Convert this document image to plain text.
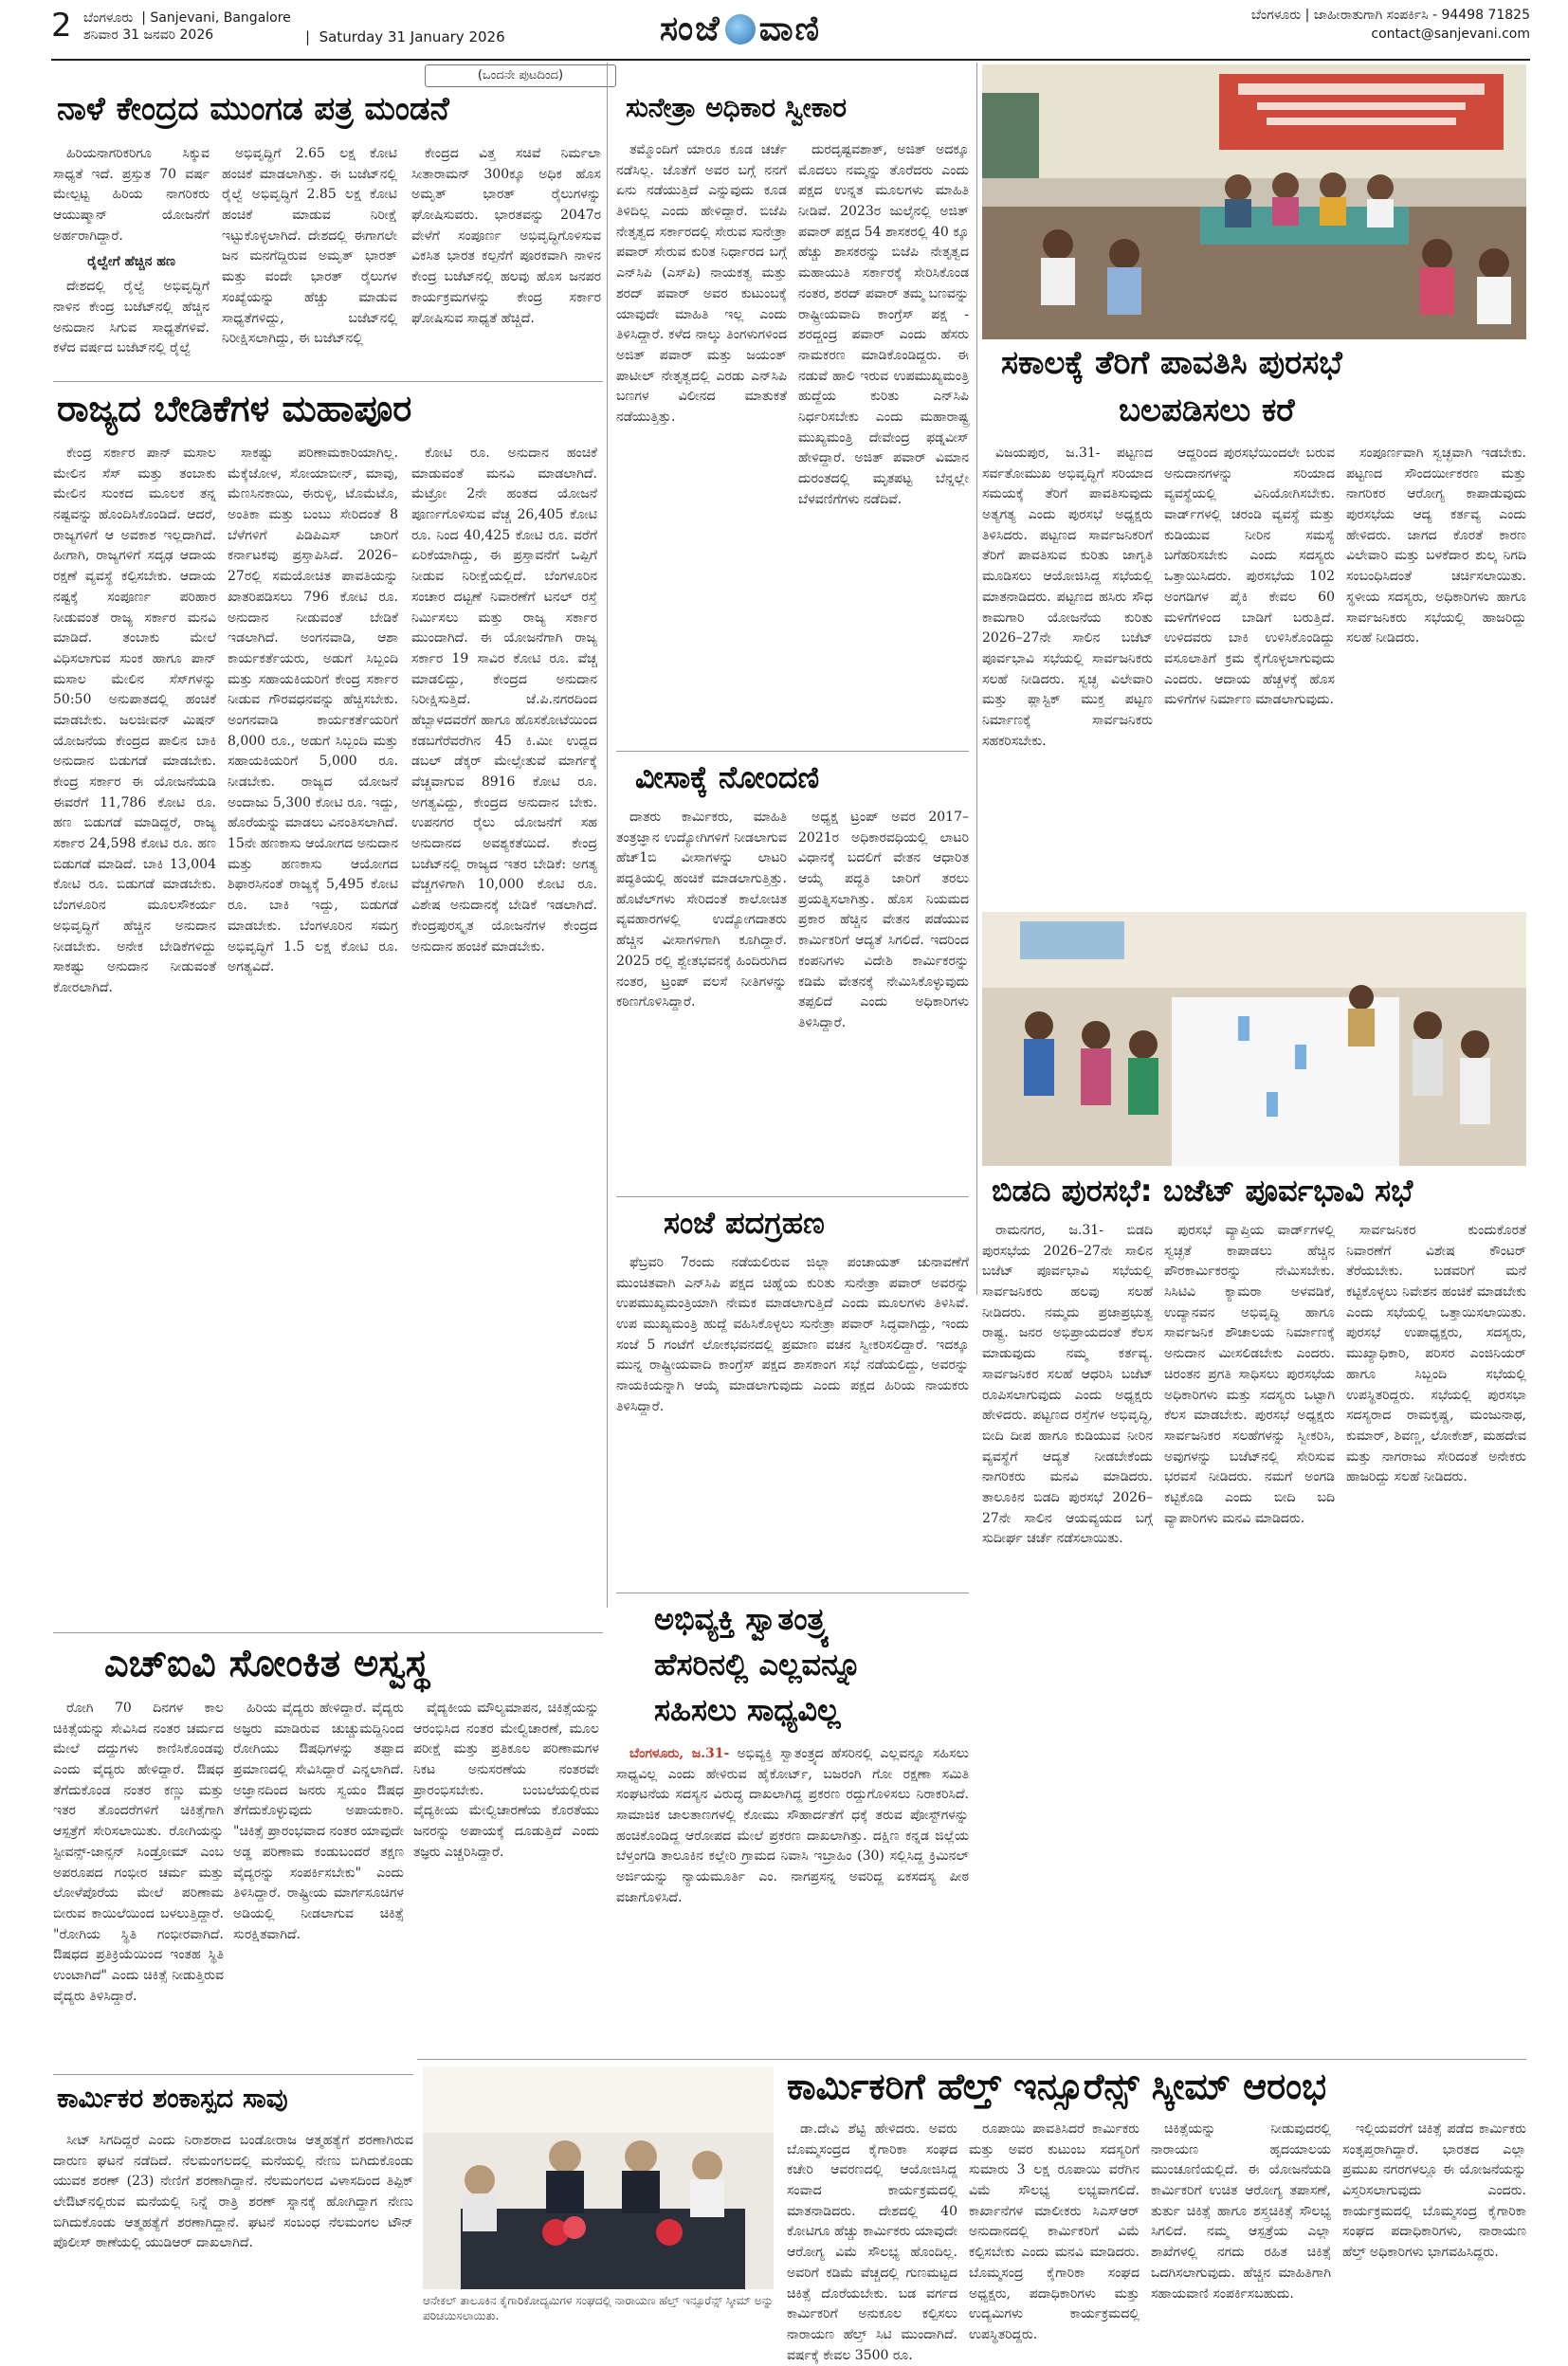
2 ಬೆಂಗಳೂರು  | Sanjevani, Bangalore
ಶನಿವಾರ 31 ಜನವರಿ 2026	|  Saturday 31 January 2026	ಸಂಜೆ ವಾಣಿ	ಬೆಂಗಳೂರು | ಜಾಹೀರಾತುಗಾಗಿ ಸಂಪರ್ಕಿಸಿ - 94498 71825
contact@sanjevani.com
(ಒಂದನೇ ಪುಟದಿಂದ)
ನಾಳೆ ಕೇಂದ್ರದ ಮುಂಗಡ ಪತ್ರ ಮಂಡನೆ

ಹಿರಿಯನಾಗರಿಕರಿಗೂ ಸಿಕ್ಕುವ ಸಾಧ್ಯತೆ ಇದೆ. ಪ್ರಸ್ತುತ 70 ವರ್ಷ ಮೇಲ್ಪಟ್ಟ ಹಿರಿಯ ನಾಗರಿಕರು ಆಯುಷ್ಮಾನ್ ಯೋಜನೆಗೆ ಅರ್ಹರಾಗಿದ್ದಾರೆ.

ರೈಲ್ವೇಗೆ ಹೆಚ್ಚಿನ ಹಣ

ದೇಶದಲ್ಲಿ ರೈಲ್ವೆ ಅಭಿವೃದ್ಧಿಗೆ ನಾಳಿನ ಕೇಂದ್ರ ಬಜೆಟ್‌ನಲ್ಲಿ ಹೆಚ್ಚಿನ ಅನುದಾನ ಸಿಗುವ ಸಾಧ್ಯತೆಗಳಿವೆ. ಕಳೆದ ವರ್ಷದ ಬಜೆಟ್‌ನಲ್ಲಿ ರೈಲ್ವೆ

ಅಭಿವೃದ್ಧಿಗೆ 2.65 ಲಕ್ಷ ಕೋಟಿ ಹಂಚಿಕೆ ಮಾಡಲಾಗಿತ್ತು. ಈ ಬಜೆಟ್‌ನಲ್ಲಿ ರೈಲ್ವೆ ಅಭಿವೃದ್ಧಿಗೆ 2.85 ಲಕ್ಷ ಕೋಟಿ ಹಂಚಿಕೆ ಮಾಡುವ ನಿರೀಕ್ಷೆ ಇಟ್ಟುಕೊಳ್ಳಲಾಗಿದೆ. ದೇಶದಲ್ಲಿ ಈಗಾಗಲೇ ಜನ ಮನಗೆದ್ದಿರುವ ಅಮೃತ್ ಭಾರತ್ ಮತ್ತು ವಂದೇ ಭಾರತ್ ರೈಲುಗಳ ಸಂಖ್ಯೆಯನ್ನು ಹೆಚ್ಚು ಮಾಡುವ ಸಾಧ್ಯತೆಗಳಿದ್ದು, ಬಜೆಟ್‌ನಲ್ಲಿ ನಿರೀಕ್ಷಿಸಲಾಗಿದ್ದು, ಈ ಬಜೆಟ್‌ನಲ್ಲಿ

ಕೇಂದ್ರದ ವಿತ್ತ ಸಚಿವೆ ನಿರ್ಮಲಾ ಸೀತಾರಾಮನ್ 300ಕ್ಕೂ ಅಧಿಕ ಹೊಸ ಅಮೃತ್ ಭಾರತ್ ರೈಲುಗಳನ್ನು ಘೋಷಿಸುವರು. ಭಾರತವನ್ನು 2047ರ ವೇಳೆಗೆ ಸಂಪೂರ್ಣ ಅಭಿವೃದ್ಧಿಗೊಳಿಸುವ ವಿಕಸಿತ ಭಾರತ ಕಲ್ಪನೆಗೆ ಪೂರಕವಾಗಿ ನಾಳಿನ ಕೇಂದ್ರ ಬಜೆಟ್‌ನಲ್ಲಿ ಹಲವು ಹೊಸ ಜನಪರ ಕಾರ್ಯಕ್ರಮಗಳನ್ನು ಕೇಂದ್ರ ಸರ್ಕಾರ ಘೋಷಿಸುವ ಸಾಧ್ಯತೆ ಹೆಚ್ಚಿದೆ.

ರಾಜ್ಯದ ಬೇಡಿಕೆಗಳ ಮಹಾಪೂರ

ಕೇಂದ್ರ ಸರ್ಕಾರ ಪಾನ್ ಮಸಾಲ ಮೇಲಿನ ಸೆಸ್ ಮತ್ತು ತಂಬಾಕು ಮೇಲಿನ ಸುಂಕದ ಮೂಲಕ ತನ್ನ ನಷ್ಟವನ್ನು ಹೊಂದಿಸಿಕೊಂಡಿದೆ. ಆದರೆ, ರಾಜ್ಯಗಳಿಗೆ ಆ ಅವಕಾಶ ಇಲ್ಲದಾಗಿದೆ. ಹೀಗಾಗಿ, ರಾಜ್ಯಗಳಿಗೆ ಸದೃಢ ಆದಾಯ ರಕ್ಷಣೆ ವ್ಯವಸ್ಥೆ ಕಲ್ಪಿಸಬೇಕು. ಆದಾಯ ನಷ್ಟಕ್ಕೆ ಸಂಪೂರ್ಣ ಪರಿಹಾರ ನೀಡುವಂತೆ ರಾಜ್ಯ ಸರ್ಕಾರ ಮನವಿ ಮಾಡಿದೆ. ತಂಬಾಕು ಮೇಲೆ ವಿಧಿಸಲಾಗುವ ಸುಂಕ ಹಾಗೂ ಪಾನ್ ಮಸಾಲ ಮೇಲಿನ ಸೆಸ್‌ಗಳನ್ನು 50:50 ಅನುಪಾತದಲ್ಲಿ ಹಂಚಿಕೆ ಮಾಡಬೇಕು. ಜಲಜೀವನ್ ಮಿಷನ್ ಯೋಜನೆಯ ಕೇಂದ್ರದ ಪಾಲಿನ ಬಾಕಿ ಅನುದಾನ ಬಿಡುಗಡೆ ಮಾಡಬೇಕು. ಕೇಂದ್ರ ಸರ್ಕಾರ ಈ ಯೋಜನೆಯಡಿ ಈವರೆಗೆ 11,786 ಕೋಟಿ ರೂ. ಹಣ ಬಿಡುಗಡೆ ಮಾಡಿದ್ದರೆ, ರಾಜ್ಯ ಸರ್ಕಾರ 24,598 ಕೋಟಿ ರೂ. ಹಣ ಬಿಡುಗಡೆ ಮಾಡಿದೆ. ಬಾಕಿ 13,004 ಕೋಟಿ ರೂ. ಬಿಡುಗಡೆ ಮಾಡಬೇಕು. ಬೆಂಗಳೂರಿನ ಮೂಲಸೌಕರ್ಯ ಅಭಿವೃದ್ಧಿಗೆ ಹೆಚ್ಚಿನ ಅನುದಾನ ನೀಡಬೇಕು. ಅನೇಕ ಬೇಡಿಕೆಗಳಿದ್ದು ಸಾಕಷ್ಟು ಅನುದಾನ ನೀಡುವಂತೆ ಕೋರಲಾಗಿದೆ.

ಸಾಕಷ್ಟು ಪರಿಣಾಮಕಾರಿಯಾಗಿಲ್ಲ. ಮೆಕ್ಕೆಜೋಳ, ಸೋಯಾಬೀನ್, ಮಾವು, ಮೆಣಸಿನಕಾಯಿ, ಈರುಳ್ಳಿ, ಟೊಮೆಟೊ, ಅಂತಿಕಾ ಮತ್ತು ಬಂಬು ಸೇರಿದಂತೆ 8 ಬೆಳೆಗಳಿಗೆ ಪಿಡಿಪಿಎಸ್ ಜಾರಿಗೆ ಕರ್ನಾಟಕವು ಪ್ರಸ್ತಾಪಿಸಿದೆ. 2026–27ರಲ್ಲಿ ಸಮಯೋಚಿತ ಪಾವತಿಯನ್ನು ಖಾತರಿಪಡಿಸಲು 796 ಕೋಟಿ ರೂ. ಅನುದಾನ ನೀಡುವಂತೆ ಬೇಡಿಕೆ ಇಡಲಾಗಿದೆ. ಅಂಗನವಾಡಿ, ಆಶಾ ಕಾರ್ಯಕರ್ತೆಯರು, ಅಡುಗೆ ಸಿಬ್ಬಂದಿ ಮತ್ತು ಸಹಾಯಕಿಯರಿಗೆ ಕೇಂದ್ರ ಸರ್ಕಾರ ನೀಡುವ ಗೌರವಧನವನ್ನು ಹೆಚ್ಚಿಸಬೇಕು. ಅಂಗನವಾಡಿ ಕಾರ್ಯಕರ್ತೆಯರಿಗೆ 8,000 ರೂ., ಅಡುಗೆ ಸಿಬ್ಬಂದಿ ಮತ್ತು ಸಹಾಯಕಿಯರಿಗೆ 5,000 ರೂ. ನೀಡಬೇಕು. ರಾಜ್ಯದ ಯೋಜನೆ ಅಂದಾಜು 5,300 ಕೋಟಿ ರೂ. ಇದ್ದು, ಹೊರೆಯನ್ನು ಮಾಡಲು ವಿನಂತಿಸಲಾಗಿದೆ. 15ನೇ ಹಣಕಾಸು ಆಯೋಗದ ಅನುದಾನ ಮತ್ತು ಹಣಕಾಸು ಆಯೋಗದ ಶಿಫಾರಸಿನಂತೆ ರಾಜ್ಯಕ್ಕೆ 5,495 ಕೋಟಿ ರೂ. ಬಾಕಿ ಇದ್ದು, ಬಿಡುಗಡೆ ಮಾಡಬೇಕು. ಬೆಂಗಳೂರಿನ ಸಮಗ್ರ ಅಭಿವೃದ್ಧಿಗೆ 1.5 ಲಕ್ಷ ಕೋಟಿ ರೂ. ಅಗತ್ಯವಿದೆ.

ಕೋಟಿ ರೂ. ಅನುದಾನ ಹಂಚಿಕೆ ಮಾಡುವಂತೆ ಮನವಿ ಮಾಡಲಾಗಿದೆ. ಮೆಟ್ರೋ 2ನೇ ಹಂತದ ಯೋಜನೆ ಪೂರ್ಣಗೊಳಿಸುವ ವೆಚ್ಚ 26,405 ಕೋಟಿ ರೂ. ನಿಂದ 40,425 ಕೋಟಿ ರೂ. ವರೆಗೆ ಏರಿಕೆಯಾಗಿದ್ದು, ಈ ಪ್ರಸ್ತಾವನೆಗೆ ಒಪ್ಪಿಗೆ ನೀಡುವ ನಿರೀಕ್ಷೆಯಲ್ಲಿದೆ. ಬೆಂಗಳೂರಿನ ಸಂಚಾರ ದಟ್ಟಣೆ ನಿವಾರಣೆಗೆ ಟನಲ್ ರಸ್ತೆ ನಿರ್ಮಿಸಲು ಮತ್ತು ರಾಜ್ಯ ಸರ್ಕಾರ ಮುಂದಾಗಿದೆ. ಈ ಯೋಜನೆಗಾಗಿ ರಾಜ್ಯ ಸರ್ಕಾರ 19 ಸಾವಿರ ಕೋಟಿ ರೂ. ವೆಚ್ಚ ಮಾಡಲಿದ್ದು, ಕೇಂದ್ರದ ಅನುದಾನ ನಿರೀಕ್ಷಿಸುತ್ತಿದೆ. ಜೆ.ಪಿ.ನಗರದಿಂದ ಹೆಬ್ಬಾಳದವರೆಗೆ ಹಾಗೂ ಹೊಸಕೋಟೆಯಿಂದ ಕಡಬಗೆರೆವರೆಗಿನ 45 ಕಿ.ಮೀ ಉದ್ದದ ಡಬಲ್ ಡೆಕ್ಕರ್ ಮೇಲ್ಸೇತುವೆ ಮಾರ್ಗಕ್ಕೆ ವೆಚ್ಚವಾಗುವ 8916 ಕೋಟಿ ರೂ. ಅಗತ್ಯವಿದ್ದು, ಕೇಂದ್ರದ ಅನುದಾನ ಬೇಕು. ಉಪನಗರ ರೈಲು ಯೋಜನೆಗೆ ಸಹ ಅನುದಾನದ ಅವಶ್ಯಕತೆಯಿದೆ. ಕೇಂದ್ರ ಬಜೆಟ್‌ನಲ್ಲಿ ರಾಜ್ಯದ ಇತರ ಬೇಡಿಕೆ: ಅಗತ್ಯ ವೆಚ್ಚಗಳಿಗಾಗಿ 10,000 ಕೋಟಿ ರೂ. ವಿಶೇಷ ಅನುದಾನಕ್ಕೆ ಬೇಡಿಕೆ ಇಡಲಾಗಿದೆ. ಕೇಂದ್ರಪುರಸ್ಕೃತ ಯೋಜನೆಗಳ ಕೇಂದ್ರದ ಅನುದಾನ ಹಂಚಿಕೆ ಮಾಡಬೇಕು.

ಸುನೇತ್ರಾ ಅಧಿಕಾರ ಸ್ವೀಕಾರ

ತಮ್ಮೊಂದಿಗೆ ಯಾರೂ ಕೂಡ ಚರ್ಚೆ ನಡೆಸಿಲ್ಲ. ಜೊತೆಗೆ ಅವರ ಬಗ್ಗೆ ನನಗೆ ಏನು ನಡೆಯುತ್ತಿದೆ ಎನ್ನುವುದು ಕೂಡ ತಿಳಿದಿಲ್ಲ ಎಂದು ಹೇಳಿದ್ದಾರೆ. ಬಿಜೆಪಿ ನೇತೃತ್ವದ ಸರ್ಕಾರದಲ್ಲಿ ಸೇರುವ ಸುನೇತ್ರಾ ಪವಾರ್ ಸೇರುವ ಕುರಿತ ನಿರ್ಧಾರದ ಬಗ್ಗೆ ಎನ್‌ಸಿಪಿ (ಎಸ್‌ಪಿ) ನಾಯಕತ್ವ ಮತ್ತು ಶರದ್ ಪವಾರ್ ಅವರ ಕುಟುಂಬಕ್ಕೆ ಯಾವುದೇ ಮಾಹಿತಿ ಇಲ್ಲ ಎಂದು ತಿಳಿಸಿದ್ದಾರೆ. ಕಳೆದ ನಾಲ್ಕು ತಿಂಗಳುಗಳಿಂದ ಅಜಿತ್ ಪವಾರ್ ಮತ್ತು ಜಯಂತ್ ಪಾಟೀಲ್ ನೇತೃತ್ವದಲ್ಲಿ ಎರಡು ಎನ್‌ಸಿಪಿ ಬಣಗಳ ವಿಲೀನದ ಮಾತುಕತೆ ನಡೆಯುತ್ತಿತ್ತು.

ದುರದೃಷ್ಟವಶಾತ್, ಅಜಿತ್ ಅದಕ್ಕೂ ಮೊದಲು ನಮ್ಮನ್ನು ತೊರೆದರು ಎಂದು ಪಕ್ಷದ ಉನ್ನತ ಮೂಲಗಳು ಮಾಹಿತಿ ನೀಡಿವೆ. 2023ರ ಜುಲೈನಲ್ಲಿ ಅಜಿತ್ ಪವಾರ್ ಪಕ್ಷದ 54 ಶಾಸಕರಲ್ಲಿ 40 ಕ್ಕೂ ಹೆಚ್ಚು ಶಾಸಕರನ್ನು ಬಿಜೆಪಿ ನೇತೃತ್ವದ ಮಹಾಯುತಿ ಸರ್ಕಾರಕ್ಕೆ ಸೇರಿಸಿಕೊಂಡ ನಂತರ, ಶರದ್ ಪವಾರ್ ತಮ್ಮ ಬಣವನ್ನು ರಾಷ್ಟ್ರೀಯವಾದಿ ಕಾಂಗ್ರೆಸ್ ಪಕ್ಷ - ಶರದ್ಚಂದ್ರ ಪವಾರ್ ಎಂದು ಹೆಸರು ನಾಮಕರಣ ಮಾಡಿಕೊಂಡಿದ್ದರು. ಈ ನಡುವೆ ಹಾಲಿ ಇರುವ ಉಪಮುಖ್ಯಮಂತ್ರಿ ಹುದ್ದೆಯ ಕುರಿತು ಎನ್‌ಸಿಪಿ ನಿರ್ಧರಿಸಬೇಕು ಎಂದು ಮಹಾರಾಷ್ಟ್ರ ಮುಖ್ಯಮಂತ್ರಿ ದೇವೇಂದ್ರ ಫಡ್ನವೀಸ್ ಹೇಳಿದ್ದಾರೆ. ಅಜಿತ್ ಪವಾರ್ ವಿಮಾನ ದುರಂತದಲ್ಲಿ ಮೃತಪಟ್ಟ ಬೆನ್ನಲ್ಲೇ ಬೆಳವಣಿಗೆಗಳು ನಡೆದಿವೆ.

ವೀಸಾಕ್ಕೆ ನೋಂದಣಿ

ದಾತರು ಕಾರ್ಮಿಕರು, ಮಾಹಿತಿ ತಂತ್ರಜ್ಞಾನ ಉದ್ಯೋಗಿಗಳಿಗೆ ನೀಡಲಾಗುವ ಹೆಚ್1ಬಿ ವೀಸಾಗಳನ್ನು ಲಾಟರಿ ಪದ್ಧತಿಯಲ್ಲಿ ಹಂಚಿಕೆ ಮಾಡಲಾಗುತ್ತಿತ್ತು. ಹೊಟೆಲ್‌ಗಳು ಸೇರಿದಂತೆ ಕಾಲೋಚಿತ ವ್ಯವಹಾರಗಳಲ್ಲಿ ಉದ್ಯೋಗದಾತರು ಹೆಚ್ಚಿನ ವೀಸಾಗಳಿಗಾಗಿ ಕೂಗಿದ್ದಾರೆ. 2025 ರಲ್ಲಿ ಶ್ವೇತಭವನಕ್ಕೆ ಹಿಂದಿರುಗಿದ ನಂತರ, ಟ್ರಂಪ್ ವಲಸೆ ನೀತಿಗಳನ್ನು ಕಠಿಣಗೊಳಿಸಿದ್ದಾರೆ.

ಅಧ್ಯಕ್ಷ ಟ್ರಂಪ್ ಅವರ 2017–2021ರ ಅಧಿಕಾರವಧಿಯಲ್ಲಿ ಲಾಟರಿ ವಿಧಾನಕ್ಕೆ ಬದಲಿಗೆ ವೇತನ ಆಧಾರಿತ ಆಯ್ಕೆ ಪದ್ಧತಿ ಜಾರಿಗೆ ತರಲು ಪ್ರಯತ್ನಿಸಲಾಗಿತ್ತು. ಹೊಸ ನಿಯಮದ ಪ್ರಕಾರ ಹೆಚ್ಚಿನ ವೇತನ ಪಡೆಯುವ ಕಾರ್ಮಿಕರಿಗೆ ಆದ್ಯತೆ ಸಿಗಲಿದೆ. ಇದರಿಂದ ಕಂಪನಿಗಳು ವಿದೇಶಿ ಕಾರ್ಮಿಕರನ್ನು ಕಡಿಮೆ ವೇತನಕ್ಕೆ ನೇಮಿಸಿಕೊಳ್ಳುವುದು ತಪ್ಪಲಿದೆ ಎಂದು ಅಧಿಕಾರಿಗಳು ತಿಳಿಸಿದ್ದಾರೆ.

ಸಂಜೆ ಪದಗ್ರಹಣ

ಫೆಬ್ರವರಿ 7ರಂದು ನಡೆಯಲಿರುವ ಜಿಲ್ಲಾ ಪಂಚಾಯತ್ ಚುನಾವಣೆಗೆ ಮುಂಚಿತವಾಗಿ ಎನ್‌ಸಿಪಿ ಪಕ್ಷದ ಚಿಹ್ನೆಯ ಕುರಿತು ಸುನೇತ್ರಾ ಪವಾರ್ ಅವರನ್ನು ಉಪಮುಖ್ಯಮಂತ್ರಿಯಾಗಿ ನೇಮಕ ಮಾಡಲಾಗುತ್ತಿದೆ ಎಂದು ಮೂಲಗಳು ತಿಳಿಸಿವೆ. ಉಪ ಮುಖ್ಯಮಂತ್ರಿ ಹುದ್ದೆ ವಹಿಸಿಕೊಳ್ಳಲು ಸುನೇತ್ರಾ ಪವಾರ್ ಸಿದ್ಧವಾಗಿದ್ದು, ಇಂದು ಸಂಜೆ 5 ಗಂಟೆಗೆ ಲೋಕಭವನದಲ್ಲಿ ಪ್ರಮಾಣ ವಚನ ಸ್ವೀಕರಿಸಲಿದ್ದಾರೆ. ಇದಕ್ಕೂ ಮುನ್ನ ರಾಷ್ಟ್ರೀಯವಾದಿ ಕಾಂಗ್ರೆಸ್ ಪಕ್ಷದ ಶಾಸಕಾಂಗ ಸಭೆ ನಡೆಯಲಿದ್ದು, ಅವರನ್ನು ನಾಯಕಿಯನ್ನಾಗಿ ಆಯ್ಕೆ ಮಾಡಲಾಗುವುದು ಎಂದು ಪಕ್ಷದ ಹಿರಿಯ ನಾಯಕರು ತಿಳಿಸಿದ್ದಾರೆ.

ಅಭಿವ್ಯಕ್ತಿ ಸ್ವಾತಂತ್ರ್ಯ
ಹೆಸರಿನಲ್ಲಿ ಎಲ್ಲವನ್ನೂ
ಸಹಿಸಲು ಸಾಧ್ಯವಿಲ್ಲ

ಬೆಂಗಳೂರು, ಜ.31- ಅಭಿವ್ಯಕ್ತಿ ಸ್ವಾತಂತ್ರ್ಯದ ಹೆಸರಿನಲ್ಲಿ ಎಲ್ಲವನ್ನೂ ಸಹಿಸಲು ಸಾಧ್ಯವಿಲ್ಲ ಎಂದು ಹೇಳಿರುವ ಹೈಕೋರ್ಟ್, ಬಜರಂಗಿ ಗೋ ರಕ್ಷಣಾ ಸಮಿತಿ ಸಂಘಟನೆಯ ಸದಸ್ಯನ ವಿರುದ್ಧ ದಾಖಲಾಗಿದ್ದ ಪ್ರಕರಣ ರದ್ದುಗೊಳಿಸಲು ನಿರಾಕರಿಸಿದೆ. ಸಾಮಾಜಿಕ ಜಾಲತಾಣಗಳಲ್ಲಿ ಕೋಮು ಸೌಹಾರ್ದತೆಗೆ ಧಕ್ಕೆ ತರುವ ಪೋಸ್ಟ್‌ಗಳನ್ನು ಹಂಚಿಕೊಂಡಿದ್ದ ಆರೋಪದ ಮೇಲೆ ಪ್ರಕರಣ ದಾಖಲಾಗಿತ್ತು. ದಕ್ಷಿಣ ಕನ್ನಡ ಜಿಲ್ಲೆಯ ಬೆಳ್ತಂಗಡಿ ತಾಲೂಕಿನ ಕಲ್ಲೇರಿ ಗ್ರಾಮದ ನಿವಾಸಿ ಇಬ್ರಾಹಿಂ (30) ಸಲ್ಲಿಸಿದ್ದ ಕ್ರಿಮಿನಲ್ ಅರ್ಜಿಯನ್ನು ನ್ಯಾಯಮೂರ್ತಿ ಎಂ. ನಾಗಪ್ರಸನ್ನ ಅವರಿದ್ದ ಏಕಸದಸ್ಯ ಪೀಠ ವಜಾಗೊಳಿಸಿದೆ.

ಎಚ್‌ಐವಿ ಸೋಂಕಿತ ಅಸ್ವಸ್ಥ

ರೋಗಿ 70 ದಿನಗಳ ಕಾಲ ಚಿಕಿತ್ಸೆಯನ್ನು ಸೇವಿಸಿದ ನಂತರ ಚರ್ಮದ ಮೇಲೆ ದದ್ದುಗಳು ಕಾಣಿಸಿಕೊಂಡವು ಎಂದು ವೈದ್ಯರು ಹೇಳಿದ್ದಾರೆ. ಔಷಧ ತೆಗೆದುಕೊಂಡ ನಂತರ ಕಣ್ಣು ಮತ್ತು ಇತರ ತೊಂದರೆಗಳಿಗೆ ಚಿಕಿತ್ಸೆಗಾಗಿ ಆಸ್ಪತ್ರೆಗೆ ಸೇರಿಸಲಾಯಿತು. ರೋಗಿಯನ್ನು ಸ್ಟೀವನ್ಸ್-ಜಾನ್ಸನ್ ಸಿಂಡ್ರೋಮ್ ಎಂಬ ಅಪರೂಪದ ಗಂಭೀರ ಚರ್ಮ ಮತ್ತು ಲೋಳೆಪೊರೆಯ ಮೇಲೆ ಪರಿಣಾಮ ಬೀರುವ ಕಾಯಿಲೆಯಿಂದ ಬಳಲುತ್ತಿದ್ದಾರೆ. "ರೋಗಿಯ ಸ್ಥಿತಿ ಗಂಭೀರವಾಗಿದೆ. ಔಷಧದ ಪ್ರತಿಕ್ರಿಯೆಯಿಂದ ಇಂತಹ ಸ್ಥಿತಿ ಉಂಟಾಗಿದೆ" ಎಂದು ಚಿಕಿತ್ಸೆ ನೀಡುತ್ತಿರುವ ವೈದ್ಯರು ತಿಳಿಸಿದ್ದಾರೆ.

ಹಿರಿಯ ವೈದ್ಯರು ಹೇಳಿದ್ದಾರೆ. ವೈದ್ಯರು ಅಜ್ಞರು ಮಾಡಿರುವ ಚುಚ್ಚುಮದ್ದಿನಿಂದ ರೋಗಿಯು ಔಷಧಿಗಳನ್ನು ತಪ್ಪಾದ ಪ್ರಮಾಣದಲ್ಲಿ ಸೇವಿಸಿದ್ದಾರೆ ಎನ್ನಲಾಗಿದೆ. ಅಜ್ಞಾನದಿಂದ ಜನರು ಸ್ವಯಂ ಔಷಧ ತೆಗೆದುಕೊಳ್ಳುವುದು ಅಪಾಯಕಾರಿ. "ಚಿಕಿತ್ಸೆ ಪ್ರಾರಂಭವಾದ ನಂತರ ಯಾವುದೇ ಅಡ್ಡ ಪರಿಣಾಮ ಕಂಡುಬಂದರೆ ತಕ್ಷಣ ವೈದ್ಯರನ್ನು ಸಂಪರ್ಕಿಸಬೇಕು" ಎಂದು ತಿಳಿಸಿದ್ದಾರೆ. ರಾಷ್ಟ್ರೀಯ ಮಾರ್ಗಸೂಚಿಗಳ ಅಡಿಯಲ್ಲಿ ನೀಡಲಾಗುವ ಚಿಕಿತ್ಸೆ ಸುರಕ್ಷಿತವಾಗಿದೆ.

ವೈದ್ಯಕೀಯ ಮೌಲ್ಯಮಾಪನ, ಚಿಕಿತ್ಸೆಯನ್ನು ಆರಂಭಿಸಿದ ನಂತರ ಮೇಲ್ವಿಚಾರಣೆ, ಮೂಲ ಪರೀಕ್ಷೆ ಮತ್ತು ಪ್ರತಿಕೂಲ ಪರಿಣಾಮಗಳ ನಿಕಟ ಅನುಸರಣೆಯ ನಂತರವೇ ಪ್ರಾರಂಭಿಸಬೇಕು. ಬಂಬಲೆಯಲ್ಲಿರುವ ವೈದ್ಯಕೀಯ ಮೇಲ್ವಿಚಾರಣೆಯ ಕೊರತೆಯು ಜನರನ್ನು ಅಪಾಯಕ್ಕೆ ದೂಡುತ್ತಿದೆ ಎಂದು ತಜ್ಞರು ಎಚ್ಚರಿಸಿದ್ದಾರೆ.

ಕಾರ್ಮಿಕರ ಶಂಕಾಸ್ಪದ ಸಾವು

ಸೀಟ್ ಸಿಗದಿದ್ದರೆ ಎಂದು ನಿರಾಶರಾದ ಬಂಡೋರಾಜ ಆತ್ಮಹತ್ಯೆಗೆ ಶರಣಾಗಿರುವ ದಾರುಣ ಘಟನೆ ನಡೆದಿದೆ. ನೆಲಮಂಗಲದಲ್ಲಿ ಮನೆಯಲ್ಲಿ ನೇಣು ಬಿಗಿದುಕೊಂಡು ಯುವಕ ಶರಣ್ (23) ನೇಣಿಗೆ ಶರಣಾಗಿದ್ದಾನೆ. ನೆಲಮಂಗಲದ ವಿಳಾಸದಿಂದ ತಿಪ್ಪಿಕ್ ಲೇಔಟ್‌ನಲ್ಲಿರುವ ಮನೆಯಲ್ಲಿ ನಿನ್ನೆ ರಾತ್ರಿ ಶರಣ್ ಸ್ನಾನಕ್ಕೆ ಹೋಗಿದ್ದಾಗ ನೇಣು ಬಿಗಿದುಕೊಂಡು ಆತ್ಮಹತ್ಯೆಗೆ ಶರಣಾಗಿದ್ದಾನೆ. ಘಟನೆ ಸಂಬಂಧ ನೆಲಮಂಗಲ ಟೌನ್ ಪೊಲೀಸ್ ಠಾಣೆಯಲ್ಲಿ ಯುಡಿಆರ್ ದಾಖಲಾಗಿದೆ.

ಸಕಾಲಕ್ಕೆ ತೆರಿಗೆ ಪಾವತಿಸಿ ಪುರಸಭೆ
ಬಲಪಡಿಸಲು ಕರೆ

ವಿಜಯಪುರ, ಜ.31- ಪಟ್ಟಣದ ಸರ್ವತೋಮುಖ ಅಭಿವೃದ್ಧಿಗೆ ಸರಿಯಾದ ಸಮಯಕ್ಕೆ ತೆರಿಗೆ ಪಾವತಿಸುವುದು ಅತ್ಯಗತ್ಯ ಎಂದು ಪುರಸಭೆ ಅಧ್ಯಕ್ಷರು ತಿಳಿಸಿದರು. ಪಟ್ಟಣದ ಸಾರ್ವಜನಿಕರಿಗೆ ತೆರಿಗೆ ಪಾವತಿಸುವ ಕುರಿತು ಜಾಗೃತಿ ಮೂಡಿಸಲು ಆಯೋಜಿಸಿದ್ದ ಸಭೆಯಲ್ಲಿ ಮಾತನಾಡಿದರು. ಪಟ್ಟಣದ ಹಸಿರು ಸೌಧ ಕಾಮಗಾರಿ ಯೋಜನೆಯ ಕುರಿತು 2026–27ನೇ ಸಾಲಿನ ಬಜೆಟ್ ಪೂರ್ವಭಾವಿ ಸಭೆಯಲ್ಲಿ ಸಾರ್ವಜನಿಕರು ಸಲಹೆ ನೀಡಿದರು. ಸ್ವಚ್ಛ ವಿಲೇವಾರಿ ಮತ್ತು ಪ್ಲಾಸ್ಟಿಕ್ ಮುಕ್ತ ಪಟ್ಟಣ ನಿರ್ಮಾಣಕ್ಕೆ ಸಾರ್ವಜನಿಕರು ಸಹಕರಿಸಬೇಕು.

ಆದ್ದರಿಂದ ಪುರಸಭೆಯಿಂದಲೇ ಬರುವ ಅನುದಾನಗಳನ್ನು ಸರಿಯಾದ ವ್ಯವಸ್ಥೆಯಲ್ಲಿ ವಿನಿಯೋಗಿಸಬೇಕು. ವಾರ್ಡ್‌ಗಳಲ್ಲಿ ಚರಂಡಿ ವ್ಯವಸ್ಥೆ ಮತ್ತು ಕುಡಿಯುವ ನೀರಿನ ಸಮಸ್ಯೆ ಬಗೆಹರಿಸಬೇಕು ಎಂದು ಸದಸ್ಯರು ಒತ್ತಾಯಿಸಿದರು. ಪುರಸಭೆಯ 102 ಅಂಗಡಿಗಳ ಪೈಕಿ ಕೇವಲ 60 ಮಳಿಗೆಗಳಿಂದ ಬಾಡಿಗೆ ಬರುತ್ತಿದೆ. ಉಳಿದವರು ಬಾಕಿ ಉಳಿಸಿಕೊಂಡಿದ್ದು ವಸೂಲಾತಿಗೆ ಕ್ರಮ ಕೈಗೊಳ್ಳಲಾಗುವುದು ಎಂದರು. ಆದಾಯ ಹೆಚ್ಚಳಕ್ಕೆ ಹೊಸ ಮಳಿಗೆಗಳ ನಿರ್ಮಾಣ ಮಾಡಲಾಗುವುದು.

ಸಂಪೂರ್ಣವಾಗಿ ಸ್ವಚ್ಛವಾಗಿ ಇಡಬೇಕು. ಪಟ್ಟಣದ ಸೌಂದರ್ಯೀಕರಣ ಮತ್ತು ನಾಗರಿಕರ ಆರೋಗ್ಯ ಕಾಪಾಡುವುದು ಪುರಸಭೆಯ ಆದ್ಯ ಕರ್ತವ್ಯ ಎಂದು ಹೇಳಿದರು. ಜಾಗದ ಕೊರತೆ ಕಾರಣ ವಿಲೇವಾರಿ ಮತ್ತು ಬಳಕೆದಾರ ಶುಲ್ಕ ನಿಗದಿ ಸಂಬಂಧಿಸಿದಂತೆ ಚರ್ಚಿಸಲಾಯಿತು. ಸ್ಥಳೀಯ ಸದಸ್ಯರು, ಅಧಿಕಾರಿಗಳು ಹಾಗೂ ಸಾರ್ವಜನಿಕರು ಸಭೆಯಲ್ಲಿ ಹಾಜರಿದ್ದು ಸಲಹೆ ನೀಡಿದರು.

ಬಿಡದಿ ಪುರಸಭೆ: ಬಜೆಟ್ ಪೂರ್ವಭಾವಿ ಸಭೆ

ರಾಮನಗರ, ಜ.31- ಬಿಡದಿ ಪುರಸಭೆಯ 2026–27ನೇ ಸಾಲಿನ ಬಜೆಟ್ ಪೂರ್ವಭಾವಿ ಸಭೆಯಲ್ಲಿ ಸಾರ್ವಜನಿಕರು ಹಲವು ಸಲಹೆ ನೀಡಿದರು. ನಮ್ಮದು ಪ್ರಜಾಪ್ರಭುತ್ವ ರಾಷ್ಟ್ರ. ಜನರ ಅಭಿಪ್ರಾಯದಂತೆ ಕೆಲಸ ಮಾಡುವುದು ನಮ್ಮ ಕರ್ತವ್ಯ. ಸಾರ್ವಜನಿಕರ ಸಲಹೆ ಆಧರಿಸಿ ಬಜೆಟ್ ರೂಪಿಸಲಾಗುವುದು ಎಂದು ಅಧ್ಯಕ್ಷರು ಹೇಳಿದರು. ಪಟ್ಟಣದ ರಸ್ತೆಗಳ ಅಭಿವೃದ್ಧಿ, ಬೀದಿ ದೀಪ ಹಾಗೂ ಕುಡಿಯುವ ನೀರಿನ ವ್ಯವಸ್ಥೆಗೆ ಆದ್ಯತೆ ನೀಡಬೇಕೆಂದು ನಾಗರಿಕರು ಮನವಿ ಮಾಡಿದರು. ತಾಲೂಕಿನ ಬಿಡದಿ ಪುರಸಭೆ 2026–27ನೇ ಸಾಲಿನ ಆಯವ್ಯಯದ ಬಗ್ಗೆ ಸುದೀರ್ಘ ಚರ್ಚೆ ನಡೆಸಲಾಯಿತು.

ಪುರಸಭೆ ವ್ಯಾಪ್ತಿಯ ವಾರ್ಡ್‌ಗಳಲ್ಲಿ ಸ್ವಚ್ಛತೆ ಕಾಪಾಡಲು ಹೆಚ್ಚಿನ ಪೌರಕಾರ್ಮಿಕರನ್ನು ನೇಮಿಸಬೇಕು. ಸಿಸಿಟಿವಿ ಕ್ಯಾಮರಾ ಅಳವಡಿಕೆ, ಉದ್ಯಾನವನ ಅಭಿವೃದ್ಧಿ ಹಾಗೂ ಸಾರ್ವಜನಿಕ ಶೌಚಾಲಯ ನಿರ್ಮಾಣಕ್ಕೆ ಅನುದಾನ ಮೀಸಲಿಡಬೇಕು ಎಂದರು. ಚಿರಂತನ ಪ್ರಗತಿ ಸಾಧಿಸಲು ಪುರಸಭೆಯ ಅಧಿಕಾರಿಗಳು ಮತ್ತು ಸದಸ್ಯರು ಒಟ್ಟಾಗಿ ಕೆಲಸ ಮಾಡಬೇಕು. ಪುರಸಭೆ ಅಧ್ಯಕ್ಷರು ಸಾರ್ವಜನಿಕರ ಸಲಹೆಗಳನ್ನು ಸ್ವೀಕರಿಸಿ, ಅವುಗಳನ್ನು ಬಜೆಟ್‌ನಲ್ಲಿ ಸೇರಿಸುವ ಭರವಸೆ ನೀಡಿದರು. ನಮಗೆ ಅಂಗಡಿ ಕಟ್ಟಿಕೊಡಿ ಎಂದು ಬೀದಿ ಬದಿ ವ್ಯಾಪಾರಿಗಳು ಮನವಿ ಮಾಡಿದರು.

ಸಾರ್ವಜನಿಕರ ಕುಂದುಕೊರತೆ ನಿವಾರಣೆಗೆ ವಿಶೇಷ ಕೌಂಟರ್ ತೆರೆಯಬೇಕು. ಬಡವರಿಗೆ ಮನೆ ಕಟ್ಟಿಕೊಳ್ಳಲು ನಿವೇಶನ ಹಂಚಿಕೆ ಮಾಡಬೇಕು ಎಂದು ಸಭೆಯಲ್ಲಿ ಒತ್ತಾಯಿಸಲಾಯಿತು. ಪುರಸಭೆ ಉಪಾಧ್ಯಕ್ಷರು, ಸದಸ್ಯರು, ಮುಖ್ಯಾಧಿಕಾರಿ, ಪರಿಸರ ಎಂಜಿನಿಯರ್ ಹಾಗೂ ಸಿಬ್ಬಂದಿ ಸಭೆಯಲ್ಲಿ ಉಪಸ್ಥಿತರಿದ್ದರು. ಸಭೆಯಲ್ಲಿ ಪುರಸಭಾ ಸದಸ್ಯರಾದ ರಾಮಕೃಷ್ಣ, ಮಂಜುನಾಥ, ಕುಮಾರ್, ಶಿವಣ್ಣ, ಲೋಕೇಶ್, ಮಹದೇವ ಮತ್ತು ನಾಗರಾಜು ಸೇರಿದಂತೆ ಅನೇಕರು ಹಾಜರಿದ್ದು ಸಲಹೆ ನೀಡಿದರು.

ಆನೇಕಲ್ ತಾಲೂಕಿನ ಕೈಗಾರಿಕೋದ್ಯಮಿಗಳ ಸಂಘದಲ್ಲಿ ನಾರಾಯಣ ಹೆಲ್ತ್ ಇನ್ಸೂರೆನ್ಸ್ ಸ್ಕೀಮ್ ಅನ್ನು ಪರಿಚಯಿಸಲಾಯಿತು.
ಕಾರ್ಮಿಕರಿಗೆ ಹೆಲ್ತ್ ಇನ್ಸೂರೆನ್ಸ್ ಸ್ಕೀಮ್ ಆರಂಭ

ಡಾ.ದೇವಿ ಶೆಟ್ಟಿ ಹೇಳಿದರು. ಅವರು ಬೊಮ್ಮಸಂದ್ರದ ಕೈಗಾರಿಕಾ ಸಂಘದ ಕಚೇರಿ ಆವರಣದಲ್ಲಿ ಆಯೋಜಿಸಿದ್ದ ಸಂವಾದ ಕಾರ್ಯಕ್ರಮದಲ್ಲಿ ಮಾತನಾಡಿದರು. ದೇಶದಲ್ಲಿ 40 ಕೋಟಿಗೂ ಹೆಚ್ಚು ಕಾರ್ಮಿಕರು ಯಾವುದೇ ಆರೋಗ್ಯ ವಿಮೆ ಸೌಲಭ್ಯ ಹೊಂದಿಲ್ಲ. ಅವರಿಗೆ ಕಡಿಮೆ ವೆಚ್ಚದಲ್ಲಿ ಗುಣಮಟ್ಟದ ಚಿಕಿತ್ಸೆ ದೊರೆಯಬೇಕು. ಬಡ ವರ್ಗದ ಕಾರ್ಮಿಕರಿಗೆ ಅನುಕೂಲ ಕಲ್ಪಿಸಲು ನಾರಾಯಣ ಹೆಲ್ತ್ ಸಿಟಿ ಮುಂದಾಗಿದೆ. ವರ್ಷಕ್ಕೆ ಕೇವಲ 3500 ರೂ.

ರೂಪಾಯಿ ಪಾವತಿಸಿದರೆ ಕಾರ್ಮಿಕರು ಮತ್ತು ಅವರ ಕುಟುಂಬ ಸದಸ್ಯರಿಗೆ ಸುಮಾರು 3 ಲಕ್ಷ ರೂಪಾಯಿ ವರೆಗಿನ ವಿಮೆ ಸೌಲಭ್ಯ ಲಭ್ಯವಾಗಲಿದೆ. ಕಾರ್ಖಾನೆಗಳ ಮಾಲೀಕರು ಸಿಎಸ್‌ಆರ್ ಅನುದಾನದಲ್ಲಿ ಕಾರ್ಮಿಕರಿಗೆ ವಿಮೆ ಕಲ್ಪಿಸಬೇಕು ಎಂದು ಮನವಿ ಮಾಡಿದರು. ಬೊಮ್ಮಸಂದ್ರ ಕೈಗಾರಿಕಾ ಸಂಘದ ಅಧ್ಯಕ್ಷರು, ಪದಾಧಿಕಾರಿಗಳು ಮತ್ತು ಉದ್ಯಮಿಗಳು ಕಾರ್ಯಕ್ರಮದಲ್ಲಿ ಉಪಸ್ಥಿತರಿದ್ದರು.

ಚಿಕಿತ್ಸೆಯನ್ನು ನೀಡುವುದರಲ್ಲಿ ನಾರಾಯಣ ಹೃದಯಾಲಯ ಮುಂಚೂಣಿಯಲ್ಲಿದೆ. ಈ ಯೋಜನೆಯಡಿ ಕಾರ್ಮಿಕರಿಗೆ ಉಚಿತ ಆರೋಗ್ಯ ತಪಾಸಣೆ, ತುರ್ತು ಚಿಕಿತ್ಸೆ ಹಾಗೂ ಶಸ್ತ್ರಚಿಕಿತ್ಸೆ ಸೌಲಭ್ಯ ಸಿಗಲಿದೆ. ನಮ್ಮ ಆಸ್ಪತ್ರೆಯ ಎಲ್ಲಾ ಶಾಖೆಗಳಲ್ಲಿ ನಗದು ರಹಿತ ಚಿಕಿತ್ಸೆ ಒದಗಿಸಲಾಗುವುದು. ಹೆಚ್ಚಿನ ಮಾಹಿತಿಗಾಗಿ ಸಹಾಯವಾಣಿ ಸಂಪರ್ಕಿಸಬಹುದು.

ಇಲ್ಲಿಯವರೆಗೆ ಚಿಕಿತ್ಸೆ ಪಡೆದ ಕಾರ್ಮಿಕರು ಸಂತೃಪ್ತರಾಗಿದ್ದಾರೆ. ಭಾರತದ ಎಲ್ಲಾ ಪ್ರಮುಖ ನಗರಗಳಲ್ಲೂ ಈ ಯೋಜನೆಯನ್ನು ವಿಸ್ತರಿಸಲಾಗುವುದು ಎಂದರು. ಕಾರ್ಯಕ್ರಮದಲ್ಲಿ ಬೊಮ್ಮಸಂದ್ರ ಕೈಗಾರಿಕಾ ಸಂಘದ ಪದಾಧಿಕಾರಿಗಳು, ನಾರಾಯಣ ಹೆಲ್ತ್ ಅಧಿಕಾರಿಗಳು ಭಾಗವಹಿಸಿದ್ದರು.
